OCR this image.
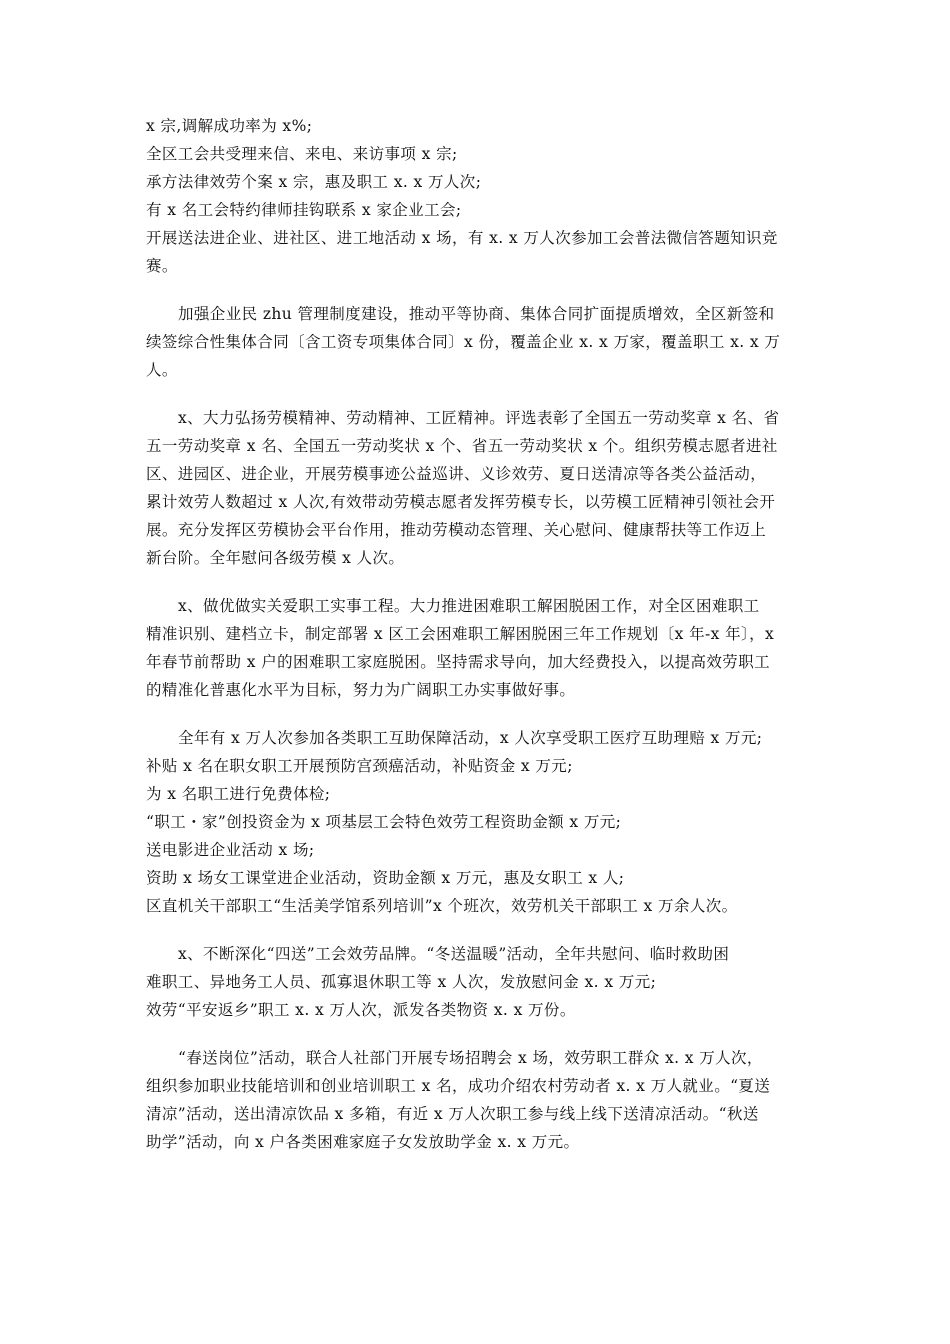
x 宗,调解成功率为 x%;
全区工会共受理来信、来电、来访事项 x 宗;
承方法律效劳个案 x 宗，惠及职工 x. x 万人次;
有 x 名工会特约律师挂钩联系 x 家企业工会;
开展送法进企业、进社区、进工地活动 x 场，有 x. x 万人次参加工会普法微信答题知识竞
赛。
加强企业民 zhu 管理制度建设，推动平等协商、集体合同扩面提质增效，全区新签和
续签综合性集体合同〔含工资专项集体合同〕x 份，覆盖企业 x. x 万家，覆盖职工 x. x 万
人。
x、大力弘扬劳模精神、劳动精神、工匠精神。评选表彰了全国五一劳动奖章 x 名、省
五一劳动奖章 x 名、全国五一劳动奖状 x 个、省五一劳动奖状 x 个。组织劳模志愿者进社
区、进园区、进企业，开展劳模事迹公益巡讲、义诊效劳、夏日送清凉等各类公益活动，
累计效劳人数超过 x 人次,有效带动劳模志愿者发挥劳模专长，以劳模工匠精神引领社会开
展。充分发挥区劳模协会平台作用，推动劳模动态管理、关心慰问、健康帮扶等工作迈上
新台阶。全年慰问各级劳模 x 人次。
x、做优做实关爱职工实事工程。大力推进困难职工解困脱困工作，对全区困难职工
精准识别、建档立卡，制定部署 x 区工会困难职工解困脱困三年工作规划〔x 年-x 年〕，x
年春节前帮助 x 户的困难职工家庭脱困。坚持需求导向，加大经费投入，以提高效劳职工
的精准化普惠化水平为目标，努力为广阔职工办实事做好事。
全年有 x 万人次参加各类职工互助保障活动，x 人次享受职工医疗互助理赔 x 万元;
补贴 x 名在职女职工开展预防宫颈癌活动，补贴资金 x 万元;
为 x 名职工进行免费体检;
“职工・家”创投资金为 x 项基层工会特色效劳工程资助金额 x 万元;
送电影进企业活动 x 场;
资助 x 场女工课堂进企业活动，资助金额 x 万元，惠及女职工 x 人;
区直机关干部职工“生活美学馆系列培训”x 个班次，效劳机关干部职工 x 万余人次。
x、不断深化“四送”工会效劳品牌。“冬送温暖”活动，全年共慰问、临时救助困
难职工、异地务工人员、孤寡退休职工等 x 人次，发放慰问金 x. x 万元;
效劳“平安返乡”职工 x. x 万人次，派发各类物资 x. x 万份。
“春送岗位”活动，联合人社部门开展专场招聘会 x 场，效劳职工群众 x. x 万人次，
组织参加职业技能培训和创业培训职工 x 名，成功介绍农村劳动者 x. x 万人就业。“夏送
清凉”活动，送出清凉饮品 x 多箱，有近 x 万人次职工参与线上线下送清凉活动。“秋送
助学”活动，向 x 户各类困难家庭子女发放助学金 x. x 万元。
